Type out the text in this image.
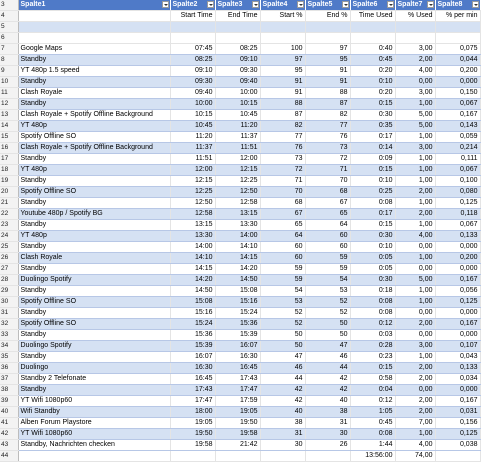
3	Spalte1	Spalte2	Spalte3	Spalte4	Spalte5	Spalte6	Spalte7	Spalte8

4		Start Time	End Time	Start %	End %	Time Used	% Used	% per min
5								
6								
7	Google Maps	07:45	08:25	100	97	0:40	3,00	0,075
8	Standby	08:25	09:10	97	95	0:45	2,00	0,044
9	YT 480p 1.5 speed	09:10	09:30	95	91	0:20	4,00	0,200
10	Standby	09:30	09:40	91	91	0:10	0,00	0,000
11	Clash Royale	09:40	10:00	91	88	0:20	3,00	0,150
12	Standby	10:00	10:15	88	87	0:15	1,00	0,067
13	Clash Royale + Spotify Offline Background	10:15	10:45	87	82	0:30	5,00	0,167
14	YT 480p	10:45	11:20	82	77	0:35	5,00	0,143
15	Spotify Offline SO	11:20	11:37	77	76	0:17	1,00	0,059
16	Clash Royale + Spotify Offline Background	11:37	11:51	76	73	0:14	3,00	0,214
17	Standby	11:51	12:00	73	72	0:09	1,00	0,111
18	YT 480p	12:00	12:15	72	71	0:15	1,00	0,067
19	Standby	12:15	12:25	71	70	0:10	1,00	0,100
20	Spotify Offline SO	12:25	12:50	70	68	0:25	2,00	0,080
21	Standby	12:50	12:58	68	67	0:08	1,00	0,125
22	Youtube 480p / Spotify BG	12:58	13:15	67	65	0:17	2,00	0,118
23	Standby	13:15	13:30	65	64	0:15	1,00	0,067
24	YT 480p	13:30	14:00	64	60	0:30	4,00	0,133
25	Standby	14:00	14:10	60	60	0:10	0,00	0,000
26	Clash Royale	14:10	14:15	60	59	0:05	1,00	0,200
27	Standby	14:15	14:20	59	59	0:05	0,00	0,000
28	Duolingo Spotify	14:20	14:50	59	54	0:30	5,00	0,167
29	Standby	14:50	15:08	54	53	0:18	1,00	0,056
30	Spotify Offline SO	15:08	15:16	53	52	0:08	1,00	0,125
31	Standby	15:16	15:24	52	52	0:08	0,00	0,000
32	Spotify Offline SO	15:24	15:36	52	50	0:12	2,00	0,167
33	Standby	15:36	15:39	50	50	0:03	0,00	0,000
34	Duolingo Spotify	15:39	16:07	50	47	0:28	3,00	0,107
35	Standby	16:07	16:30	47	46	0:23	1,00	0,043
36	Duolingo	16:30	16:45	46	44	0:15	2,00	0,133
37	Standby 2 Telefonate	16:45	17:43	44	42	0:58	2,00	0,034
38	Standby	17:43	17:47	42	42	0:04	0,00	0,000
39	YT Wifi 1080p60	17:47	17:59	42	40	0:12	2,00	0,167
40	Wifi Standby	18:00	19:05	40	38	1:05	2,00	0,031
41	Alben Forum Playstore	19:05	19:50	38	31	0:45	7,00	0,156
42	YT Wifi 1080p60	19:50	19:58	31	30	0:08	1,00	0,125
43	Standby, Nachrichten checken	19:58	21:42	30	26	1:44	4,00	0,038
44						13:56:00	74,00	
